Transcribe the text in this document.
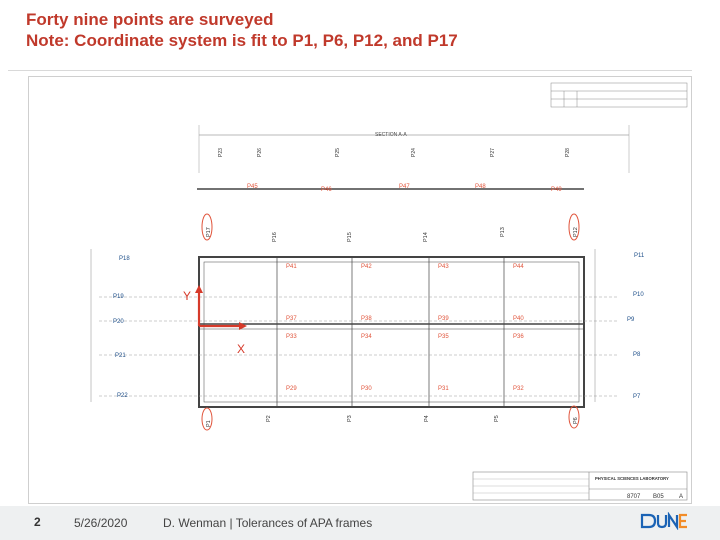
Forty nine points are surveyed
Note: Coordinate system is fit to P1, P6, P12, and P17
SECTION A-A
P23	P26	P25	P24	P27	P28
P45	P46	P47	P48	P49
P17
P16	P15	P14
P13	P12
P41	P42	P43	P44
P37	P38	P39	P40
P33	P34	P35	P36
P29	P30	P31	P32
Y
X
P18
P19
P20
P21
P22
P11
P10
P9
P8
P7
P1
P2	P3	P4	P5	P6
PHYSICAL SCIENCES LABORATORY
8707 B05	A
2	5/26/2020	D. Wenman | Tolerances of APA frames
